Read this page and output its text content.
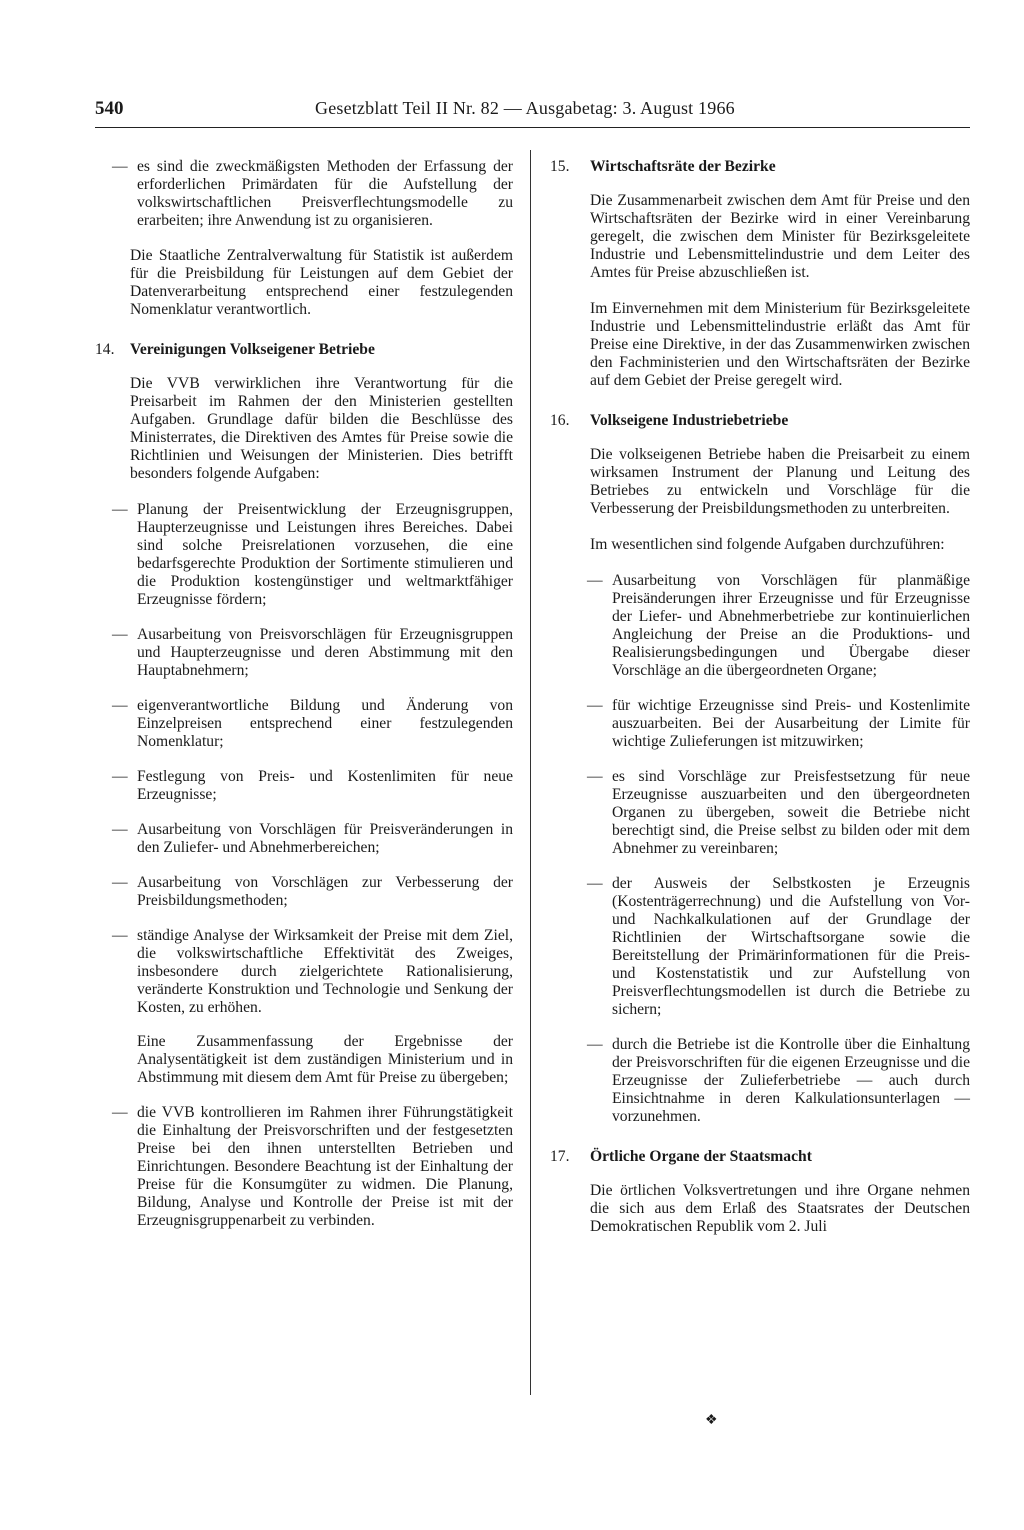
540	Gesetzblatt Teil II Nr. 82 — Ausgabetag: 3. August 1966
— es sind die zweckmäßigsten Methoden der Erfassung der erforderlichen Primärdaten für die Aufstellung der volkswirtschaftlichen Preisverflechtungsmodelle zu erarbeiten; ihre Anwendung ist zu organisieren.

Die Staatliche Zentralverwaltung für Statistik ist außerdem für die Preisbildung für Leistungen auf dem Gebiet der Datenverarbeitung entsprechend einer festzulegenden Nomenklatur verantwortlich.

14. Vereinigungen Volkseigener Betriebe

Die VVB verwirklichen ihre Verantwortung für die Preisarbeit im Rahmen der den Ministerien gestellten Aufgaben. Grundlage dafür bilden die Beschlüsse des Ministerrates, die Direktiven des Amtes für Preise sowie die Richtlinien und Weisungen der Ministerien. Dies betrifft besonders folgende Aufgaben:

— Planung der Preisentwicklung der Erzeugnisgruppen, Haupterzeugnisse und Leistungen ihres Bereiches. Dabei sind solche Preisrelationen vorzusehen, die eine bedarfsgerechte Produktion der Sortimente stimulieren und die Produktion kostengünstiger und weltmarktfähiger Erzeugnisse fördern;
— Ausarbeitung von Preisvorschlägen für Erzeugnisgruppen und Haupterzeugnisse und deren Abstimmung mit den Hauptabnehmern;
— eigenverantwortliche Bildung und Änderung von Einzelpreisen entsprechend einer festzulegenden Nomenklatur;
— Festlegung von Preis- und Kostenlimiten für neue Erzeugnisse;
— Ausarbeitung von Vorschlägen für Preisveränderungen in den Zuliefer- und Abnehmerbereichen;
— Ausarbeitung von Vorschlägen zur Verbesserung der Preisbildungsmethoden;
— ständige Analyse der Wirksamkeit der Preise mit dem Ziel, die volkswirtschaftliche Effektivität des Zweiges, insbesondere durch zielgerichtete Rationalisierung, veränderte Konstruktion und Technologie und Senkung der Kosten, zu erhöhen.

Eine Zusammenfassung der Ergebnisse der Analysentätigkeit ist dem zuständigen Ministerium und in Abstimmung mit diesem dem Amt für Preise zu übergeben;

— die VVB kontrollieren im Rahmen ihrer Führungstätigkeit die Einhaltung der Preisvorschriften und der festgesetzten Preise bei den ihnen unterstellten Betrieben und Einrichtungen. Besondere Beachtung ist der Einhaltung der Preise für die Konsumgüter zu widmen. Die Planung, Bildung, Analyse und Kontrolle der Preise ist mit der Erzeugnisgruppenarbeit zu verbinden.
15. Wirtschaftsräte der Bezirke

Die Zusammenarbeit zwischen dem Amt für Preise und den Wirtschaftsräten der Bezirke wird in einer Vereinbarung geregelt, die zwischen dem Minister für Bezirksgeleitete Industrie und Lebensmittelindustrie und dem Leiter des Amtes für Preise abzuschließen ist.

Im Einvernehmen mit dem Ministerium für Bezirksgeleitete Industrie und Lebensmittelindustrie erläßt das Amt für Preise eine Direktive, in der das Zusammenwirken zwischen den Fachministerien und den Wirtschaftsräten der Bezirke auf dem Gebiet der Preise geregelt wird.

16. Volkseigene Industriebetriebe

Die volkseigenen Betriebe haben die Preisarbeit zu einem wirksamen Instrument der Planung und Leitung des Betriebes zu entwickeln und Vorschläge für die Verbesserung der Preisbildungsmethoden zu unterbreiten.

Im wesentlichen sind folgende Aufgaben durchzuführen:

— Ausarbeitung von Vorschlägen für planmäßige Preisänderungen ihrer Erzeugnisse und für Erzeugnisse der Liefer- und Abnehmerbetriebe zur kontinuierlichen Angleichung der Preise an die Produktions- und Realisierungsbedingungen und Übergabe dieser Vorschläge an die übergeordneten Organe;
— für wichtige Erzeugnisse sind Preis- und Kostenlimite auszuarbeiten. Bei der Ausarbeitung der Limite für wichtige Zulieferungen ist mitzuwirken;
— es sind Vorschläge zur Preisfestsetzung für neue Erzeugnisse auszuarbeiten und den übergeordneten Organen zu übergeben, soweit die Betriebe nicht berechtigt sind, die Preise selbst zu bilden oder mit dem Abnehmer zu vereinbaren;
— der Ausweis der Selbstkosten je Erzeugnis (Kostenträgerrechnung) und die Aufstellung von Vor- und Nachkalkulationen auf der Grundlage der Richtlinien der Wirtschaftsorgane sowie die Bereitstellung der Primärinformationen für die Preis- und Kostenstatistik und zur Aufstellung von Preisverflechtungsmodellen ist durch die Betriebe zu sichern;
— durch die Betriebe ist die Kontrolle über die Einhaltung der Preisvorschriften für die eigenen Erzeugnisse und die Erzeugnisse der Zulieferbetriebe — auch durch Einsichtnahme in deren Kalkulationsunterlagen — vorzunehmen.
17. Örtliche Organe der Staatsmacht

Die örtlichen Volksvertretungen und ihre Organe nehmen die sich aus dem Erlaß des Staatsrates der Deutschen Demokratischen Republik vom 2. Juli

❖
